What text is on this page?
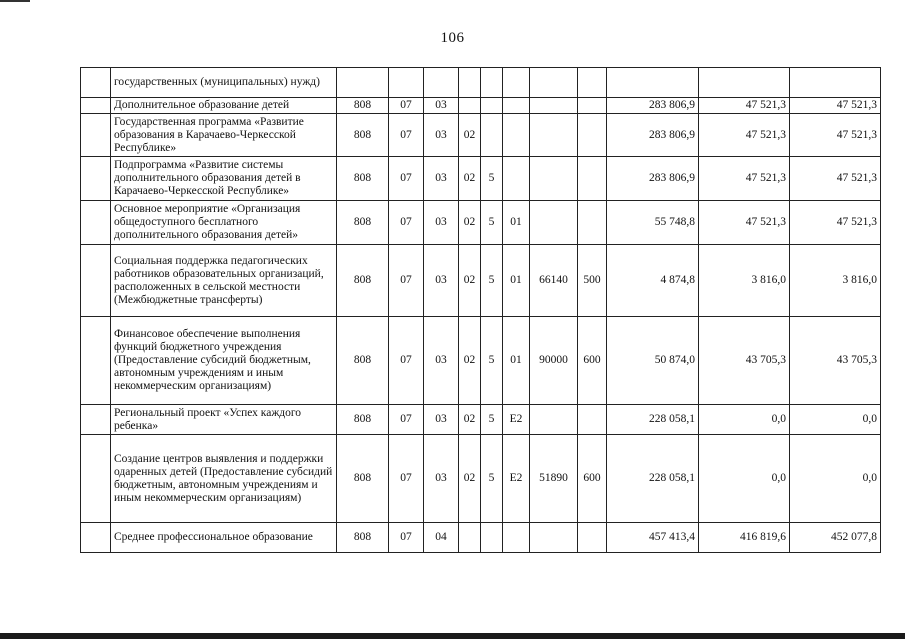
106
	государственных (муниципальных) нужд)											
	Дополнительное образование детей	808	07	03						283 806,9	47 521,3	47 521,3
	Государственная программа «Развитие образования в Карачаево-Черкесской Республике»	808	07	03	02					283 806,9	47 521,3	47 521,3
	Подпрограмма «Развитие системы дополнительного образования детей в Карачаево-Черкесской Республике»	808	07	03	02	5				283 806,9	47 521,3	47 521,3
	Основное мероприятие «Организация общедоступного бесплатного дополнительного образования детей»	808	07	03	02	5	01			55 748,8	47 521,3	47 521,3
	Социальная поддержка педагогических работников образовательных организаций, расположенных в сельской местности (Межбюджетные трансферты)	808	07	03	02	5	01	66140	500	4 874,8	3 816,0	3 816,0
	Финансовое обеспечение выполнения функций бюджетного учреждения (Предоставление субсидий бюджетным, автономным учреждениям и иным некоммерческим организациям)	808	07	03	02	5	01	90000	600	50 874,0	43 705,3	43 705,3
	Региональный проект «Успех каждого ребенка»	808	07	03	02	5	E2			228 058,1	0,0	0,0
	Создание центров выявления и поддержки одаренных детей (Предоставление субсидий бюджетным, автономным учреждениям и иным некоммерческим организациям)	808	07	03	02	5	E2	51890	600	228 058,1	0,0	0,0
	Среднее профессиональное образование	808	07	04						457 413,4	416 819,6	452 077,8
